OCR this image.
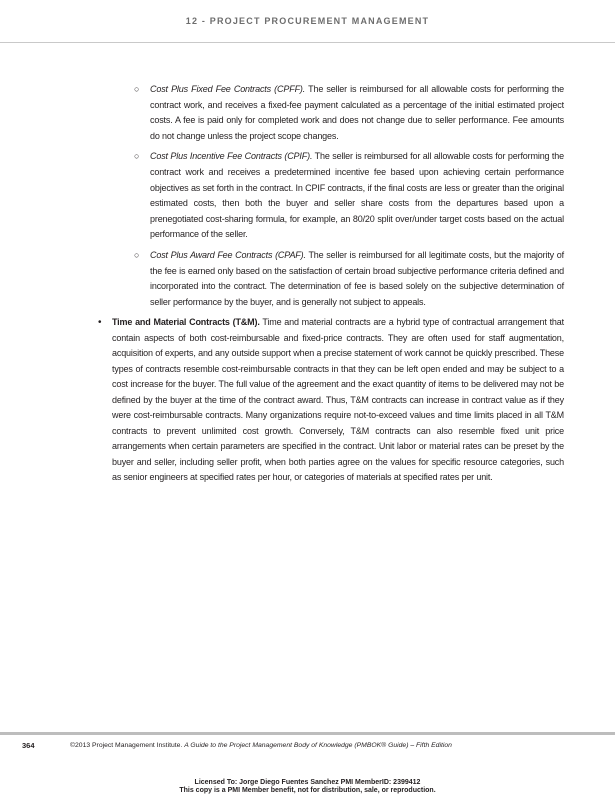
12 - PROJECT PROCUREMENT MANAGEMENT
○ Cost Plus Fixed Fee Contracts (CPFF). The seller is reimbursed for all allowable costs for performing the contract work, and receives a fixed-fee payment calculated as a percentage of the initial estimated project costs. A fee is paid only for completed work and does not change due to seller performance. Fee amounts do not change unless the project scope changes.
○ Cost Plus Incentive Fee Contracts (CPIF). The seller is reimbursed for all allowable costs for performing the contract work and receives a predetermined incentive fee based upon achieving certain performance objectives as set forth in the contract. In CPIF contracts, if the final costs are less or greater than the original estimated costs, then both the buyer and seller share costs from the departures based upon a prenegotiated cost-sharing formula, for example, an 80/20 split over/under target costs based on the actual performance of the seller.
○ Cost Plus Award Fee Contracts (CPAF). The seller is reimbursed for all legitimate costs, but the majority of the fee is earned only based on the satisfaction of certain broad subjective performance criteria defined and incorporated into the contract. The determination of fee is based solely on the subjective determination of seller performance by the buyer, and is generally not subject to appeals.
• Time and Material Contracts (T&M). Time and material contracts are a hybrid type of contractual arrangement that contain aspects of both cost-reimbursable and fixed-price contracts. They are often used for staff augmentation, acquisition of experts, and any outside support when a precise statement of work cannot be quickly prescribed. These types of contracts resemble cost-reimbursable contracts in that they can be left open ended and may be subject to a cost increase for the buyer. The full value of the agreement and the exact quantity of items to be delivered may not be defined by the buyer at the time of the contract award. Thus, T&M contracts can increase in contract value as if they were cost-reimbursable contracts. Many organizations require not-to-exceed values and time limits placed in all T&M contracts to prevent unlimited cost growth. Conversely, T&M contracts can also resemble fixed unit price arrangements when certain parameters are specified in the contract. Unit labor or material rates can be preset by the buyer and seller, including seller profit, when both parties agree on the values for specific resource categories, such as senior engineers at specified rates per hour, or categories of materials at specified rates per unit.
364	©2013 Project Management Institute. A Guide to the Project Management Body of Knowledge (PMBOK® Guide) – Fifth Edition
Licensed To: Jorge Diego Fuentes Sanchez PMI MemberID: 2399412
This copy is a PMI Member benefit, not for distribution, sale, or reproduction.
